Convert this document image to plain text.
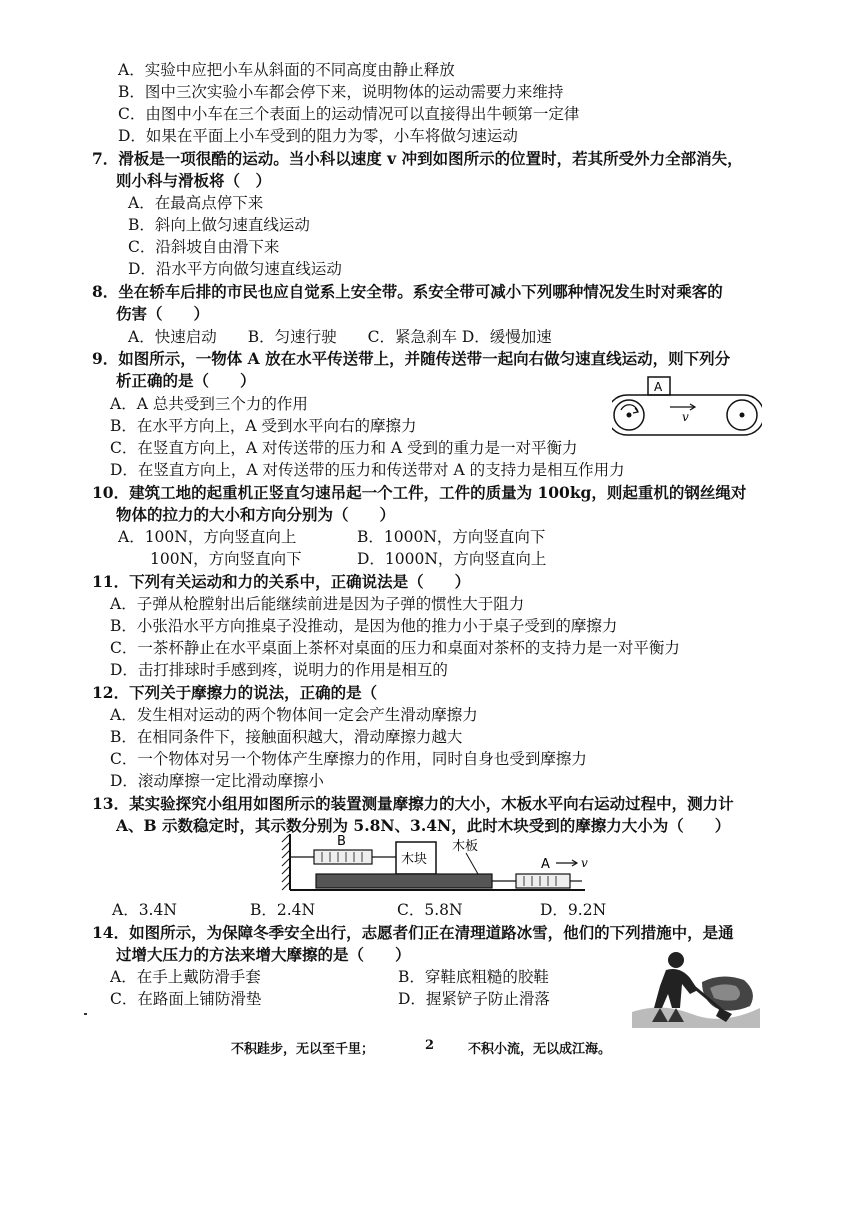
A．实验中应把小车从斜面的不同高度由静止释放
B．图中三次实验小车都会停下来，说明物体的运动需要力来维持
C．由图中小车在三个表面上的运动情况可以直接得出牛顿第一定律
D．如果在平面上小车受到的阻力为零，小车将做匀速运动
7．滑板是一项很酷的运动。当小科以速度 v 冲到如图所示的位置时，若其所受外力全部消失，
则小科与滑板将（　）
A．在最高点停下来
B．斜向上做匀速直线运动
C．沿斜坡自由滑下来
D．沿水平方向做匀速直线运动
8．坐在轿车后排的市民也应自觉系上安全带。系安全带可减小下列哪种情况发生时对乘客的
伤害（　　）
A．快速启动　　B．匀速行驶　　C．紧急刹车 D．缓慢加速
9．如图所示，一物体 A 放在水平传送带上，并随传送带一起向右做匀速直线运动，则下列分
析正确的是（　　）
A．A 总共受到三个力的作用
B．在水平方向上，A 受到水平向右的摩擦力
C．在竖直方向上，A 对传送带的压力和 A 受到的重力是一对平衡力
D．在竖直方向上，A 对传送带的压力和传送带对 A 的支持力是相互作用力
A
v
10．建筑工地的起重机正竖直匀速吊起一个工件，工件的质量为 100kg，则起重机的钢丝绳对
物体的拉力的大小和方向分别为（　　）
A．100N，方向竖直向上	B．1000N，方向竖直向下
100N，方向竖直向下	D．1000N，方向竖直向上
11．下列有关运动和力的关系中，正确说法是（　　）
A．子弹从枪膛射出后能继续前进是因为子弹的惯性大于阻力
B．小张沿水平方向推桌子没推动，是因为他的推力小于桌子受到的摩擦力
C．一茶杯静止在水平桌面上茶杯对桌面的压力和桌面对茶杯的支持力是一对平衡力
D．击打排球时手感到疼，说明力的作用是相互的
12．下列关于摩擦力的说法，正确的是（
A．发生相对运动的两个物体间一定会产生滑动摩擦力
B．在相同条件下，接触面积越大，滑动摩擦力越大
C．一个物体对另一个物体产生摩擦力的作用，同时自身也受到摩擦力
D．滚动摩擦一定比滑动摩擦小
13．某实验探究小组用如图所示的装置测量摩擦力的大小，木板水平向右运动过程中，测力计
A、B 示数稳定时，其示数分别为 5.8N、3.4N，此时木块受到的摩擦力大小为（　　）
B
木块
木板
A	v
A．3.4N	B．2.4N	C．5.8N	D．9.2N
14．如图所示，为保障冬季安全出行，志愿者们正在清理道路冰雪，他们的下列措施中，是通
过增大压力的方法来增大摩擦的是（　　）
A．在手上戴防滑手套	B．穿鞋底粗糙的胶鞋
C．在路面上铺防滑垫	D．握紧铲子防止滑落
不积跬步，无以至千里；	2	不积小流，无以成江海。
